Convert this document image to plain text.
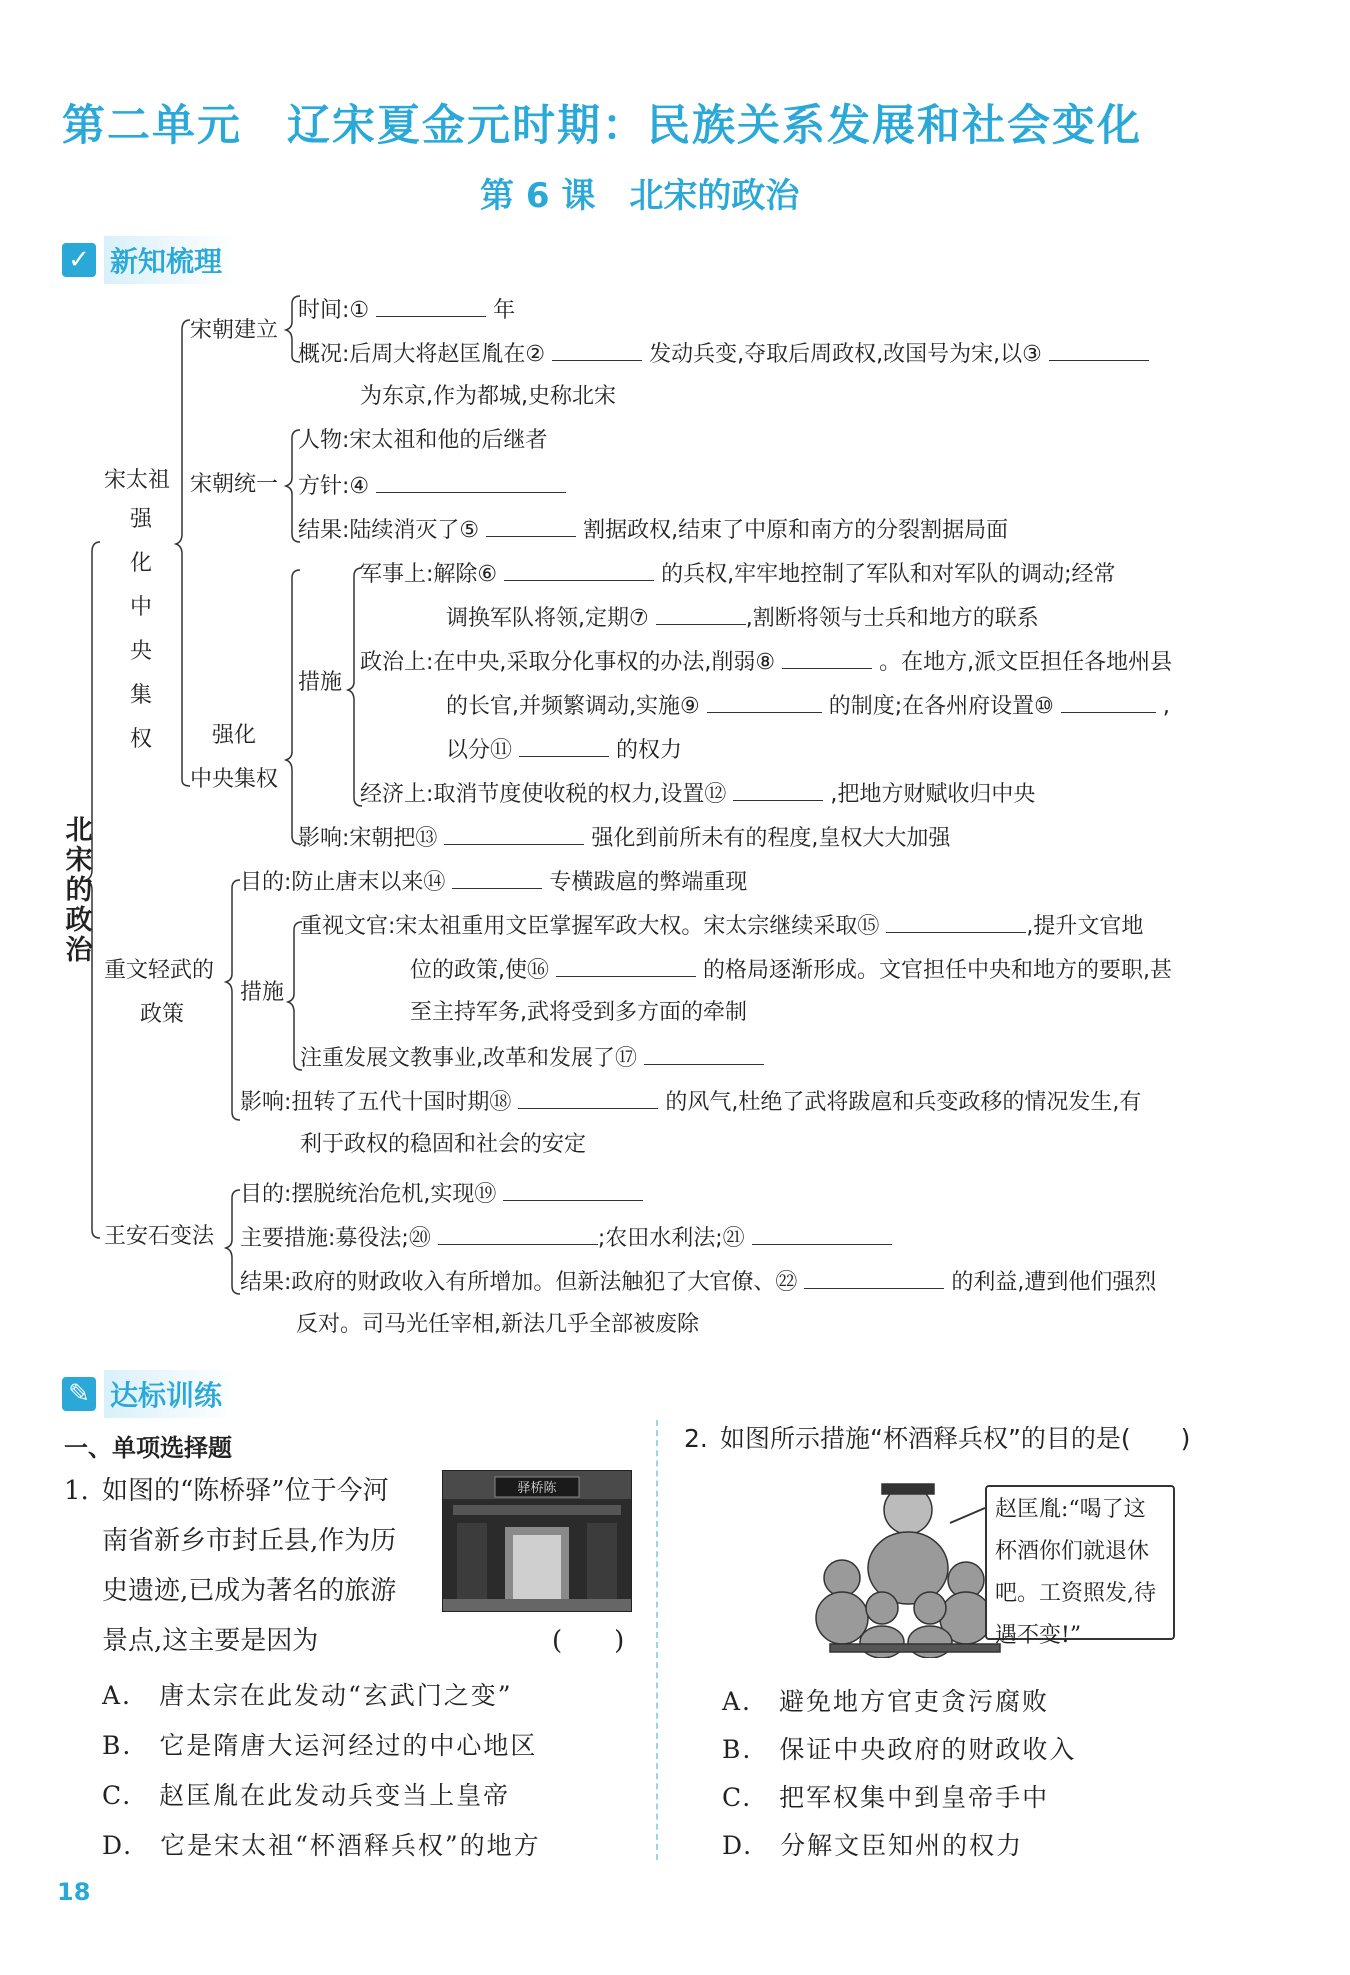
第二单元　辽宋夏金元时期：民族关系发展和社会变化
第 6 课　北宋的政治
✓ 新知梳理
北
宋
的
政
治
宋太祖
强
化
中
央
集
权
宋朝建立
时间:①	年
概况:后周大将赵匡胤在②	发动兵变,夺取后周政权,改国号为宋,以③
为东京,作为都城,史称北宋
宋朝统一
人物:宋太祖和他的后继者
方针:④
结果:陆续消灭了⑤	割据政权,结束了中原和南方的分裂割据局面
强化
中央集权
措施
军事上:解除⑥	的兵权,牢牢地控制了军队和对军队的调动;经常
调换军队将领,定期⑦	,割断将领与士兵和地方的联系
政治上:在中央,采取分化事权的办法,削弱⑧	。在地方,派文臣担任各地州县
的长官,并频繁调动,实施⑨	的制度;在各州府设置⑩	,
以分⑪	的权力
经济上:取消节度使收税的权力,设置⑫	,把地方财赋收归中央
影响:宋朝把⑬	强化到前所未有的程度,皇权大大加强
重文轻武的
政策
目的:防止唐末以来⑭	专横跋扈的弊端重现
措施
重视文官:宋太祖重用文臣掌握军政大权。宋太宗继续采取⑮	,提升文官地
位的政策,使⑯	的格局逐渐形成。文官担任中央和地方的要职,甚
至主持军务,武将受到多方面的牵制
注重发展文教事业,改革和发展了⑰
影响:扭转了五代十国时期⑱	的风气,杜绝了武将跋扈和兵变政移的情况发生,有
利于政权的稳固和社会的安定
王安石变法
目的:摆脱统治危机,实现⑲
主要措施:募役法;⑳	;农田水利法;㉑
结果:政府的财政收入有所增加。但新法触犯了大官僚、㉒	的利益,遭到他们强烈
反对。司马光任宰相,新法几乎全部被废除
✎ 达标训练
一、单项选择题
1. 如图的“陈桥驿”位于今河
南省新乡市封丘县,作为历
史遗迹,已成为著名的旅游
景点,这主要是因为	(　　)
驿桥陈
A.　唐太宗在此发动“玄武门之变”
B.　它是隋唐大运河经过的中心地区
C.　赵匡胤在此发动兵变当上皇帝
D.　它是宋太祖“杯酒释兵权”的地方
2. 如图所示措施“杯酒释兵权”的目的是(　　)
赵匡胤:“喝了这
杯酒你们就退休
吧。工资照发,待
遇不变!”
A.　避免地方官吏贪污腐败
B.　保证中央政府的财政收入
C.　把军权集中到皇帝手中
D.　分解文臣知州的权力
18
